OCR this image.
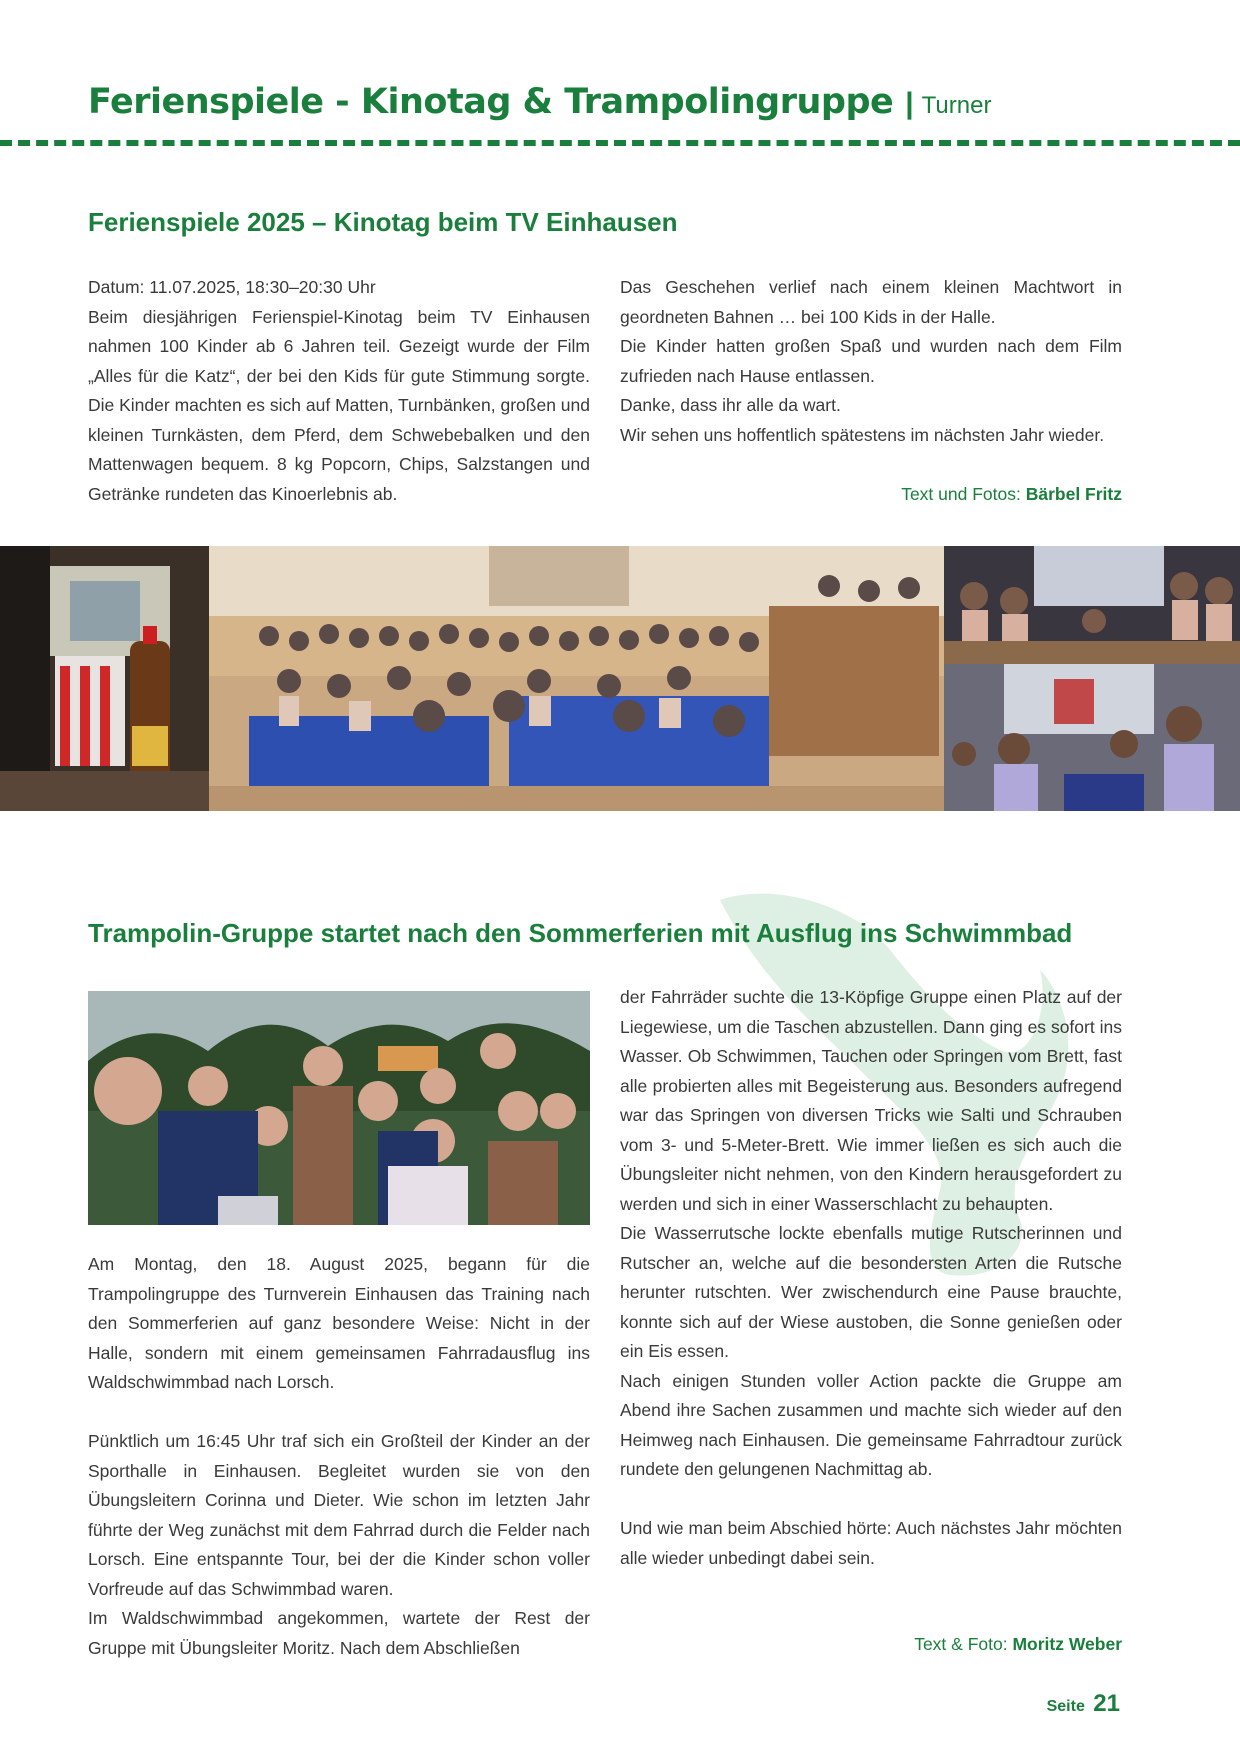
Ferienspiele - Kinotag & Trampolingruppe | Turner
Ferienspiele 2025 – Kinotag beim TV Einhausen

Datum: 11.07.2025, 18:30–20:30 Uhr

Beim diesjährigen Ferienspiel-Kinotag beim TV Einhausen nahmen 100 Kinder ab 6 Jahren teil. Gezeigt wurde der Film „Alles für die Katz“, der bei den Kids für gute Stimmung sorgte. Die Kinder machten es sich auf Matten, Turnbänken, großen und kleinen Turnkästen, dem Pferd, dem Schwebebalken und den Mattenwagen bequem. 8 kg Popcorn, Chips, Salzstangen und Getränke rundeten das Kinoerlebnis ab.

Das Geschehen verlief nach einem kleinen Machtwort in geordneten Bahnen … bei 100 Kids in der Halle.

Die Kinder hatten großen Spaß und wurden nach dem Film zufrieden nach Hause entlassen.

Danke, dass ihr alle da wart.

Wir sehen uns hoffentlich spätestens im nächsten Jahr wieder.

Text und Fotos: Bärbel Fritz
Trampolin-Gruppe startet nach den Sommerferien mit Ausflug ins Schwimmbad

Am Montag, den 18. August 2025, begann für die Trampolingruppe des Turnverein Einhausen das Training nach den Sommerferien auf ganz besondere Weise: Nicht in der Halle, sondern mit einem gemeinsamen Fahrradausflug ins Waldschwimmbad nach Lorsch.

Pünktlich um 16:45 Uhr traf sich ein Großteil der Kinder an der Sporthalle in Einhausen. Begleitet wurden sie von den Übungsleitern Corinna und Dieter. Wie schon im letzten Jahr führte der Weg zunächst mit dem Fahrrad durch die Felder nach Lorsch. Eine entspannte Tour, bei der die Kinder schon voller Vorfreude auf das Schwimmbad waren.

Im Waldschwimmbad angekommen, wartete der Rest der Gruppe mit Übungsleiter Moritz. Nach dem Abschließen

der Fahrräder suchte die 13-Köpfige Gruppe einen Platz auf der Liegewiese, um die Taschen abzustellen. Dann ging es sofort ins Wasser. Ob Schwimmen, Tauchen oder Springen vom Brett, fast alle probierten alles mit Begeisterung aus. Besonders aufregend war das Springen von diversen Tricks wie Salti und Schrauben vom 3- und 5-Meter-Brett. Wie immer ließen es sich auch die Übungsleiter nicht nehmen, von den Kindern herausgefordert zu werden und sich in einer Wasserschlacht zu behaupten.

Die Wasserrutsche lockte ebenfalls mutige Rutscherinnen und Rutscher an, welche auf die besondersten Arten die Rutsche herunter rutschten. Wer zwischendurch eine Pause brauchte, konnte sich auf der Wiese austoben, die Sonne genießen oder ein Eis essen.

Nach einigen Stunden voller Action packte die Gruppe am Abend ihre Sachen zusammen und machte sich wieder auf den Heimweg nach Einhausen. Die gemeinsame Fahrradtour zurück rundete den gelungenen Nachmittag ab.

Und wie man beim Abschied hörte: Auch nächstes Jahr möchten alle wieder unbedingt dabei sein.

Text & Foto: Moritz Weber
Seite 21
